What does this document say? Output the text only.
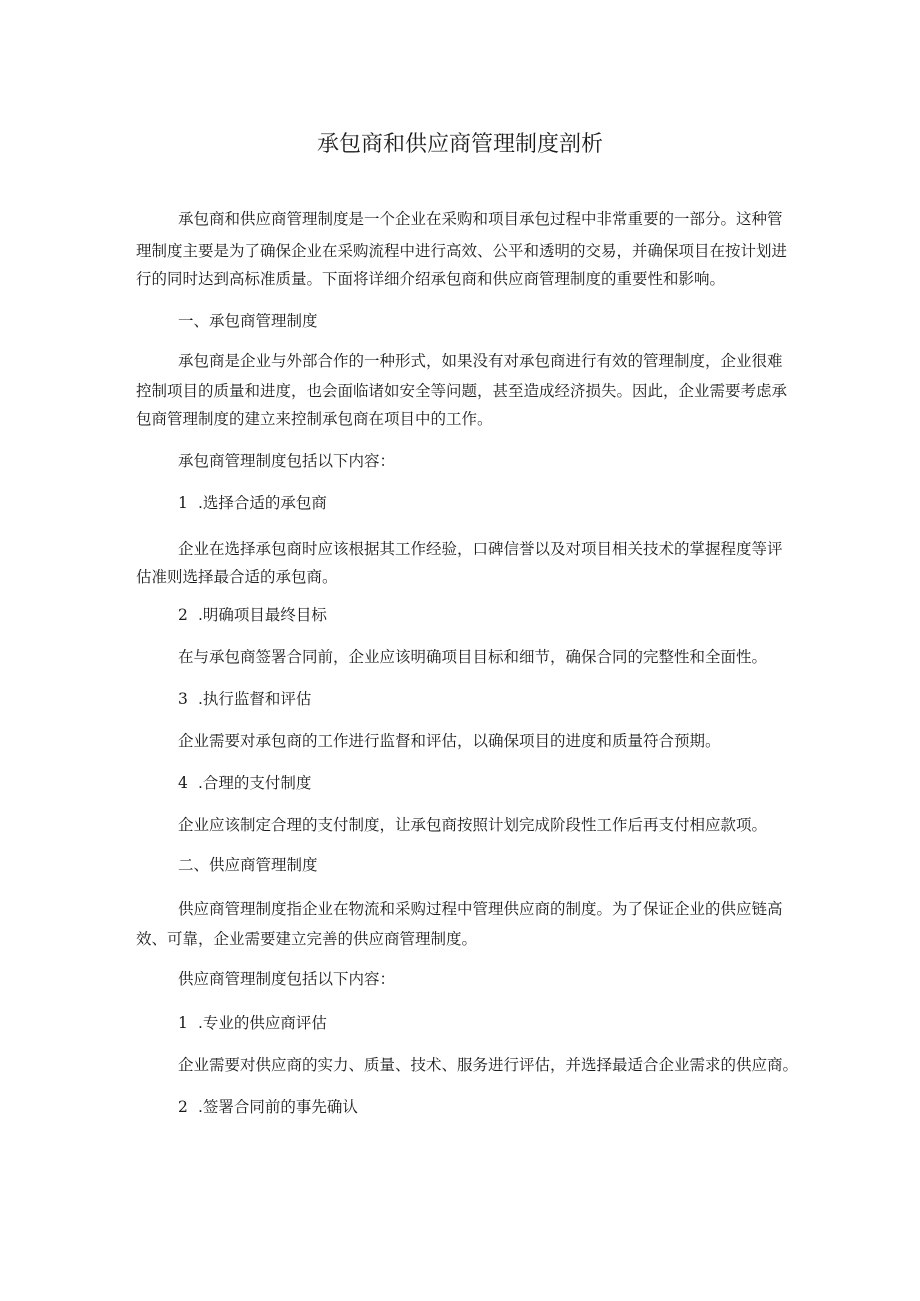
承包商和供应商管理制度剖析

承包商和供应商管理制度是一个企业在采购和项目承包过程中非常重要的一部分。这种管

理制度主要是为了确保企业在采购流程中进行高效、公平和透明的交易，并确保项目在按计划进

行的同时达到高标准质量。下面将详细介绍承包商和供应商管理制度的重要性和影响。

一、承包商管理制度

承包商是企业与外部合作的一种形式，如果没有对承包商进行有效的管理制度，企业很难

控制项目的质量和进度，也会面临诸如安全等问题，甚至造成经济损失。因此，企业需要考虑承

包商管理制度的建立来控制承包商在项目中的工作。

承包商管理制度包括以下内容：

1 .选择合适的承包商

企业在选择承包商时应该根据其工作经验，口碑信誉以及对项目相关技术的掌握程度等评

估准则选择最合适的承包商。

2 .明确项目最终目标

在与承包商签署合同前，企业应该明确项目目标和细节，确保合同的完整性和全面性。

3 .执行监督和评估

企业需要对承包商的工作进行监督和评估，以确保项目的进度和质量符合预期。

4 .合理的支付制度

企业应该制定合理的支付制度，让承包商按照计划完成阶段性工作后再支付相应款项。

二、供应商管理制度

供应商管理制度指企业在物流和采购过程中管理供应商的制度。为了保证企业的供应链高

效、可靠，企业需要建立完善的供应商管理制度。

供应商管理制度包括以下内容：

1 .专业的供应商评估

企业需要对供应商的实力、质量、技术、服务进行评估，并选择最适合企业需求的供应商。

2 .签署合同前的事先确认
